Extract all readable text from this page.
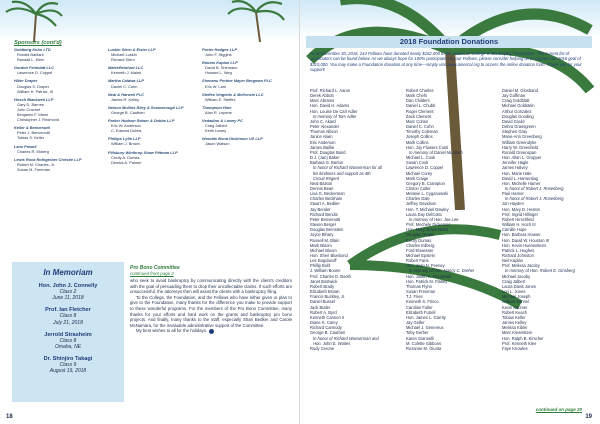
Sponsors (cont'd)
Goldberg Kohn LTD
Ronald Barliant
Randall L. Klein
Gordon Feinblatt LLC
Lawrence D. Coppel
Hiller Draper
Douglas S. Draper
William H. Patrick, III
Hirsch Blackwell LLP
Gary D. Barnes
John Crachet
Benjamin F. Mann
Christopher J. Redmond
Keller & Benvenutti
Peter J. Benvenutti
Tobias S. Keller
Lane Powell
Charles R. Ekberg
Lewis Roca Rothgerber Christie LLP
Robert M. Charles, Jr.
Susan M. Freeman
Luskin Stern & Eisler LLP
Michael Luskin
Richard Stern
MalekReinhart LLC
Kenneth J. Malek
Martha Caldwa LLP
Daniel C. Cohn
Neal & Harwell PLC
James R. Kelley
Nelson Mullins Riley & Scarborough LLP
George B. Cauthen
Parker Hudson Rainer & Dobbs LLP
Eric W. Anderson
C. Edward Dobbs
Phillips Lytle LLP
William J. Brown
Pillsbury Winthrop Shaw Pittman LLP
Cecily A. Dumas
Dewick A. Palmer
Porter Hedges LLP
John F. Higgins
Robins Kaplan LLP
David B. Shemano
Howard L. Weg
Shenanu Pertine Mayer Bergman PLC
Eric W. Lam
Steffes Vingiello & McKenzie LLC
William E. Steffes
Thompson Hine
Alan R. Lepene
Vedadino & Lowey PC
Craig Jalbert
Keith Lowey
Womble Bond Dickinson US LLP
Jason Watson
In Memoriam
Hon. John J. Connelly
Class 2
June 11, 2018
Prof. Ian Fletcher
Class 8
July 21, 2018
Jerrold Strasheim
Class 8
Omaha, NE
Dr. Shinjiro Takagi
Class 9
August 19, 2018
Pro Bono Committee
continued from page 2

who seek to avoid bankruptcy by communicating directly with the client's creditors with the goal of persuading them to drop their uncollectable claims. If such efforts are unsuccessful, the attorneys then will assist the clients with a bankruptcy filing.

To the College, the Foundation, and the Fellows who have either given or plan to give to the Foundation, many thanks for the difference you make to provide support to these wonderful programs. For the members of the Pro Bono Committee, many thanks for your efforts and hard work on the grants and bankruptcy pro bono projects. And finally, many thanks to the staff, especially Shari Bedker and Carole McNamara, for the invaluable administrative support of the Committee.

My best wishes to all for the holidays.

18

2018 Foundation Donations
As of November 30, 2018, 244 Fellows have donated nearly $162,000 to the American College of Bankruptcy Foundation. The current list of contributors can be found below. As we always hope for 100% participation by our Fellows, please consider helping us to surpass our 2018 goal of $315,000. You may make a Foundation donation at any time—simply visit www.amercol.org to access the online donation form. Thank you for your support!
Prof. Richard L. Aaron
Derek Abbott
Marc Abrams
Hon. David H. Adams
Hon. Louise De Carl Adler
In memory of Tom Adler
John C. Akard
Peter Alexander
Thomas Allison
Janice Alwin
Eric Anderson
James Baillie
Prof. Douglas Baird
D.J. (Jan) Baker
Barbara G. Barton
In honor of Richard Wasserman for all
his kindness and support as 4th
Circuit Regent
Neal Batson
Dennis Bean
Lisa G. Beckerman
Charles Beckham
Stuart A. Bedker
Jay Bender
Richard Bendix
Peter Benvenutti
Steven Berger
Douglas Bernstein
Joyce Bihary
Russell M. Blain
Mark Bloom
Michael Bloom
Hon. Sheri Bluebond
Lee Bogdanoff
Phillip Bohl
J. William Boone
Prof. Charles D. Booth
Janet Bostwick
Robert Brady
Elizabeth Brown
Francis Buckley, Jr.
Daniel Bussel
Jack Butler
Robert A. Byrd
Kenneth Cannon II
Diane K. Carey
Richard Carmody
George B. Cauthen
In honor of Richard Wasserman and
Hon. John E. Waites
Rudy Cerone
Robert Charles
Mark Chehi
Dan Childers
Daniel L. Chubb
Roger Clement
Zack Clement
Marc Cohen
Daniel C. Cohn
Timothy Coleman
Joseph Collins
Mark Collins
Hon. Joy Flowers Conti
In memory of Daniel Murdoch
Michael L. Cook
Susan Cook
Lawrence D. Coppel
Michael Corey
Mark Craige
Gregory B. Crampton
Clinton Cutler
Melanie L. Cyganowski
Charles Dale
Jeffrey Davidson
Hon. T. Michael Dawley
Laura Day DelCotto
In memory of Hon. Joe Lee
Prof. Mechele Dickerson
Hon. Mary Grace Diehl
Douglas Draper
Cecily Dumas
Charles Edberg
Ford Elsaesser
Michael Epstein
Robert Faris
Hon. Joan N. Feeney
In memory of Hon. Nancy C. Dreher
Hon. Judith K. Fitzgerald
Hon. Patrick M. Flatley
Thomas Flynn
Susan Freeman
T.J. Fries
Kenneth S. Frisco
Caroline Fuller
Elizabeth Futrell
Hon. James L. Garrity
Jay Geller
Michael J. Genereux
Toby Gerber
Karen Giannelli
M. Colette Gibbons
Rozanne M. Giunta
Daniel M. Glosband
Jay Goffman
Craig Goldblatt
Michael Goldstein
Arthur Gonzalez
Douglas Gooding
David Gould
Debra Grassgreen
Stephen Gray
Marie-Ann Greenberg
William Greendyke
Harry W. Greenfield
Ronald Greenspan
Hon. Allan L. Gropper
Jennifer Hagle
James Halvey
Hon. Marie Hale
David L. Hamerslag
Hon. Michelle Harner
In honor of Robert J. Rosenberg
Paul Harner
In honor of Robert J. Rosenberg
Jon Hayden
Hon. Mary D. Heston
Prof. Ingrid Hillinger
Robert Hirschfeld
William H. Hoch III
Camille Hope
Hon. Barbara Houser
Hon. David W. Houston III
Hon. Kevin Huennekens
Patrick L. Hughes
Richard Johnston
Neil Kaplan
Prof. Melissa Jacoby
In memory of Hon. Robert E. Ginsberg
Michael Jacoby
Craig Jalbert
Laura Davis Jones
Lori L. Jones
Michael Joseph
William Kannel
Kevin Katzner
Robert Keach
Tobias Keller
James Kelley
Melissa Kibler
Marc Kieselstein
Hon. Ralph B. Kirscher
Prof. Kenneth Klee
Faye Knowles
continued on page 20
19
